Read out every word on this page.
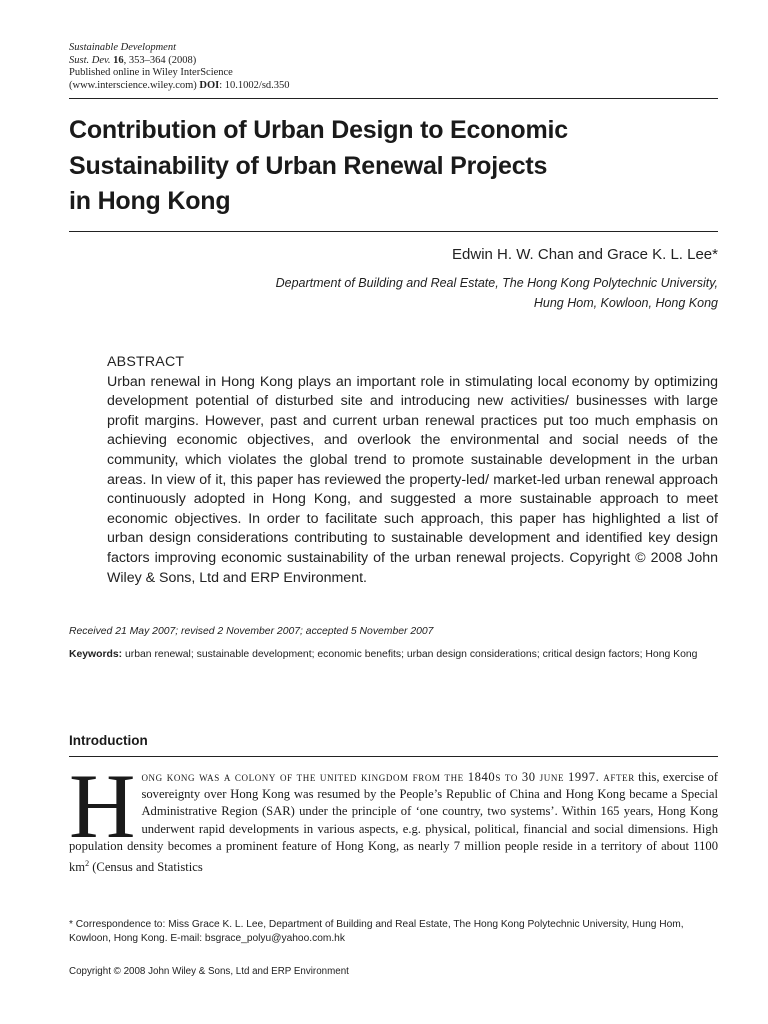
Sustainable Development
Sust. Dev. 16, 353–364 (2008)
Published online in Wiley InterScience
(www.interscience.wiley.com) DOI: 10.1002/sd.350
Contribution of Urban Design to Economic
Sustainability of Urban Renewal Projects
in Hong Kong
Edwin H. W. Chan and Grace K. L. Lee*
Department of Building and Real Estate, The Hong Kong Polytechnic University,
Hung Hom, Kowloon, Hong Kong
ABSTRACT
Urban renewal in Hong Kong plays an important role in stimulating local economy by optimizing development potential of disturbed site and introducing new activities/ businesses with large profit margins. However, past and current urban renewal practices put too much emphasis on achieving economic objectives, and overlook the environmental and social needs of the community, which violates the global trend to promote sustainable development in the urban areas. In view of it, this paper has reviewed the property-led/ market-led urban renewal approach continuously adopted in Hong Kong, and suggested a more sustainable approach to meet economic objectives. In order to facilitate such approach, this paper has highlighted a list of urban design considerations contributing to sustainable development and identified key design factors improving economic sustainability of the urban renewal projects. Copyright © 2008 John Wiley & Sons, Ltd and ERP Environment.
Received 21 May 2007; revised 2 November 2007; accepted 5 November 2007
Keywords: urban renewal; sustainable development; economic benefits; urban design considerations; critical design factors; Hong Kong
Introduction
Hong kong was a colony of the united kingdom from the 1840s to 30 june 1997. after this, exercise of sovereignty over Hong Kong was resumed by the People’s Republic of China and Hong Kong became a Special Administrative Region (SAR) under the principle of ‘one country, two systems’. Within 165 years, Hong Kong underwent rapid developments in various aspects, e.g. physical, political, financial and social dimensions. High population density becomes a prominent feature of Hong Kong, as nearly 7 million people reside in a territory of about 1100 $km^2$ (Census and Statistics
* Correspondence to: Miss Grace K. L. Lee, Department of Building and Real Estate, The Hong Kong Polytechnic University, Hung Hom, Kowloon, Hong Kong. E-mail: bsgrace_polyu@yahoo.com.hk
Copyright © 2008 John Wiley & Sons, Ltd and ERP Environment
